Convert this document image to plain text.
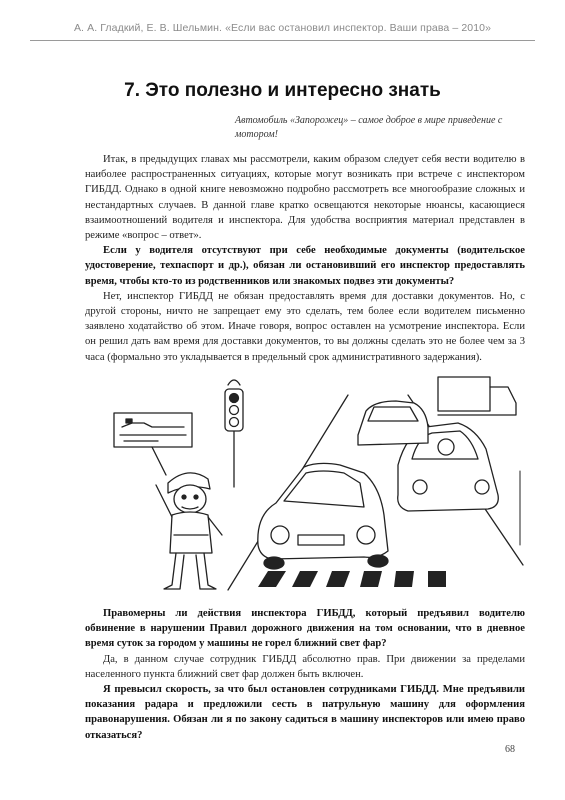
А. А. Гладкий, Е. В. Шельмин. «Если вас остановил инспектор. Ваши права – 2010»
7. Это полезно и интересно знать
Автомобиль «Запорожец» – самое доброе в мире приведение с мотором!

Итак, в предыдущих главах мы рассмотрели, каким образом следует себя вести водителю в наиболее распространенных ситуациях, которые могут возникать при встрече с инспектором ГИБДД. Однако в одной книге невозможно подробно рассмотреть все многообразие сложных и нестандартных случаев. В данной главе кратко освещаются некоторые нюансы, касающиеся взаимоотношений водителя и инспектора. Для удобства восприятия материал представлен в режиме «вопрос – ответ».

Если у водителя отсутствуют при себе необходимые документы (водительское удостоверение, техпаспорт и др.), обязан ли остановивший его инспектор предоставлять время, чтобы кто-то из родственников или знакомых подвез эти документы?

Нет, инспектор ГИБДД не обязан предоставлять время для доставки документов. Но, с другой стороны, ничто не запрещает ему это сделать, тем более если водителем письменно заявлено ходатайство об этом. Иначе говоря, вопрос оставлен на усмотрение инспектора. Если он решил дать вам время для доставки документов, то вы должны сделать это не более чем за 3 часа (формально это укладывается в предельный срок административного задержания).

Правомерны ли действия инспектора ГИБДД, который предъявил водителю обвинение в нарушении Правил дорожного движения на том основании, что в дневное время суток за городом у машины не горел ближний свет фар?

Да, в данном случае сотрудник ГИБДД абсолютно прав. При движении за пределами населенного пункта ближний свет фар должен быть включен.

Я превысил скорость, за что был остановлен сотрудниками ГИБДД. Мне предъявили показания радара и предложили сесть в патрульную машину для оформления правонарушения. Обязан ли я по закону садиться в машину инспекторов или имею право отказаться?

68
